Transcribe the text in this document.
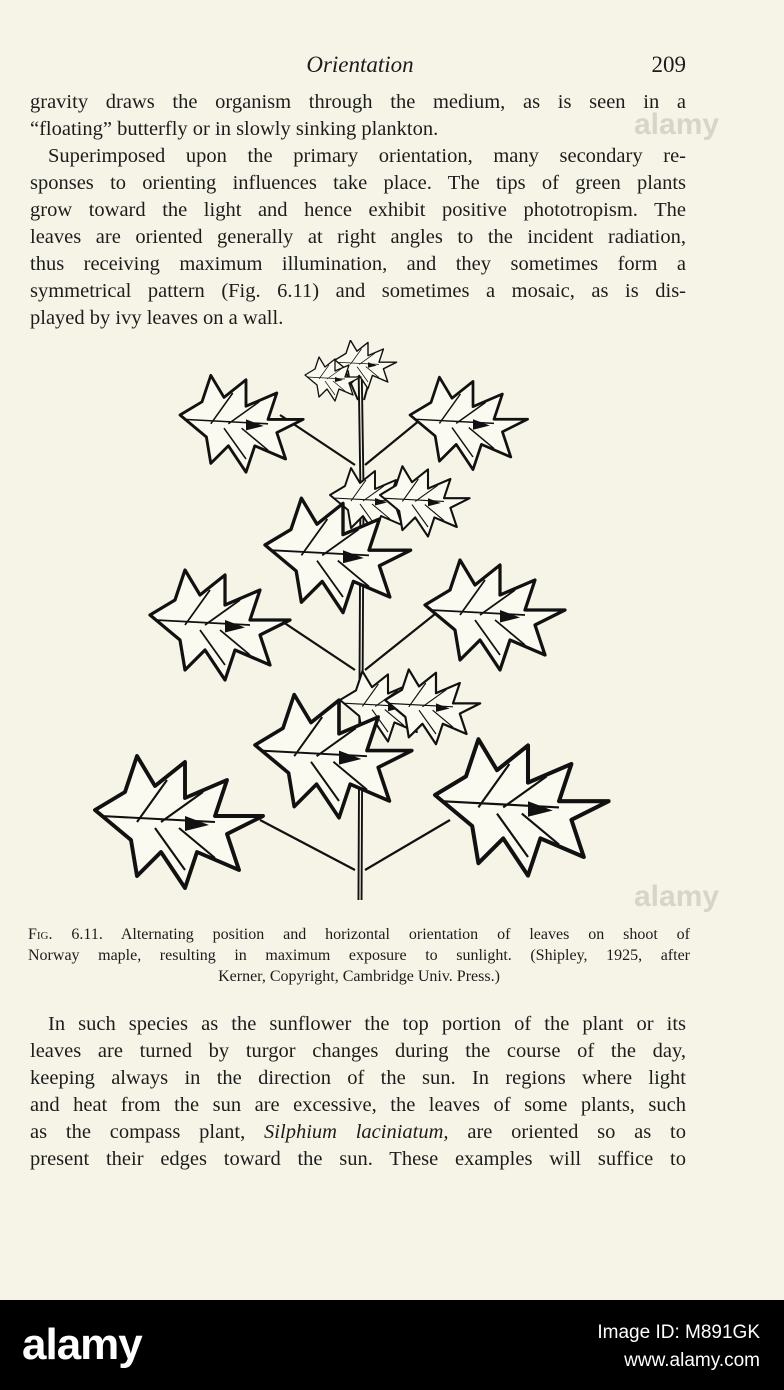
Orientation	209
gravity draws the organism through the medium, as is seen in a
“floating” butterfly or in slowly sinking plankton.
Superimposed upon the primary orientation, many secondary re-
sponses to orienting influences take place. The tips of green plants
grow toward the light and hence exhibit positive phototropism. The
leaves are oriented generally at right angles to the incident radiation,
thus receiving maximum illumination, and they sometimes form a
symmetrical pattern (Fig. 6.11) and sometimes a mosaic, as is dis-
played by ivy leaves on a wall.
Fig. 6.11. Alternating position and horizontal orientation of leaves on shoot of
Norway maple, resulting in maximum exposure to sunlight. (Shipley, 1925, after
Kerner, Copyright, Cambridge Univ. Press.)
In such species as the sunflower the top portion of the plant or its
leaves are turned by turgor changes during the course of the day,
keeping always in the direction of the sun. In regions where light
and heat from the sun are excessive, the leaves of some plants, such
as the compass plant, Silphium laciniatum, are oriented so as to
present their edges toward the sun. These examples will suffice to
alamy
alamy
alamy	Image ID: M891GK
www.alamy.com
